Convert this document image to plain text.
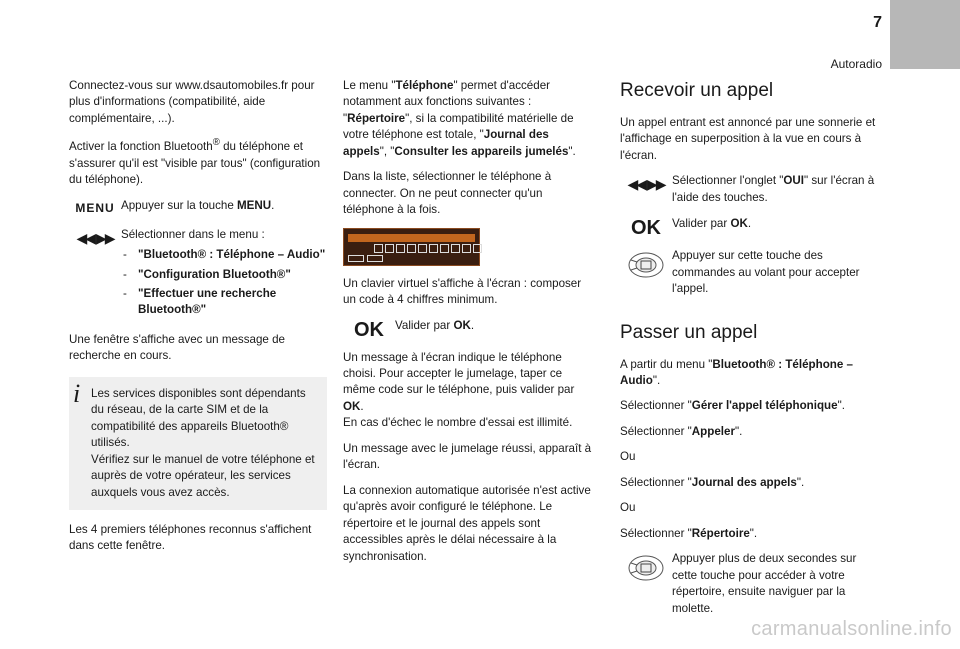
7
Autoradio

Connectez-vous sur www.dsautomobiles.fr pour plus d'informations (compatibilité, aide complémentaire, ...).

Activer la fonction Bluetooth® du téléphone et s'assurer qu'il est "visible par tous" (configuration du téléphone).

MENU Appuyer sur la touche MENU.
◀◀ ▶▶ Sélectionner dans le menu :
- "Bluetooth® : Téléphone – Audio"
- "Configuration Bluetooth®"
- "Effectuer une recherche Bluetooth®"

Une fenêtre s'affiche avec un message de recherche en cours.

i Les services disponibles sont dépendants du réseau, de la carte SIM et de la compatibilité des appareils Bluetooth® utilisés.
Vérifiez sur le manuel de votre téléphone et auprès de votre opérateur, les services auxquels vous avez accès.

Les 4 premiers téléphones reconnus s'affichent dans cette fenêtre.

Le menu "Téléphone" permet d'accéder notamment aux fonctions suivantes : "Répertoire", si la compatibilité matérielle de votre téléphone est totale, "Journal des appels", "Consulter les appareils jumelés".

Dans la liste, sélectionner le téléphone à connecter. On ne peut connecter qu'un téléphone à la fois.

Un clavier virtuel s'affiche à l'écran : composer un code à 4 chiffres minimum.

OK Valider par OK.

Un message à l'écran indique le téléphone choisi. Pour accepter le jumelage, taper ce même code sur le téléphone, puis valider par OK.
En cas d'échec le nombre d'essai est illimité.

Un message avec le jumelage réussi, apparaît à l'écran.

La connexion automatique autorisée n'est active qu'après avoir configuré le téléphone. Le répertoire et le journal des appels sont accessibles après le délai nécessaire à la synchronisation.

Recevoir un appel

Un appel entrant est annoncé par une sonnerie et l'affichage en superposition à la vue en cours à l'écran.

◀◀ ▶▶ Sélectionner l'onglet "OUI" sur l'écran à l'aide des touches.
OK Valider par OK.
Appuyer sur cette touche des commandes au volant pour accepter l'appel.
Passer un appel

A partir du menu "Bluetooth® : Téléphone – Audio".

Sélectionner "Gérer l'appel téléphonique".

Sélectionner "Appeler".

Ou

Sélectionner "Journal des appels".

Ou

Sélectionner "Répertoire".

Appuyer plus de deux secondes sur cette touche pour accéder à votre répertoire, ensuite naviguer par la molette.
carmanualsonline.info
